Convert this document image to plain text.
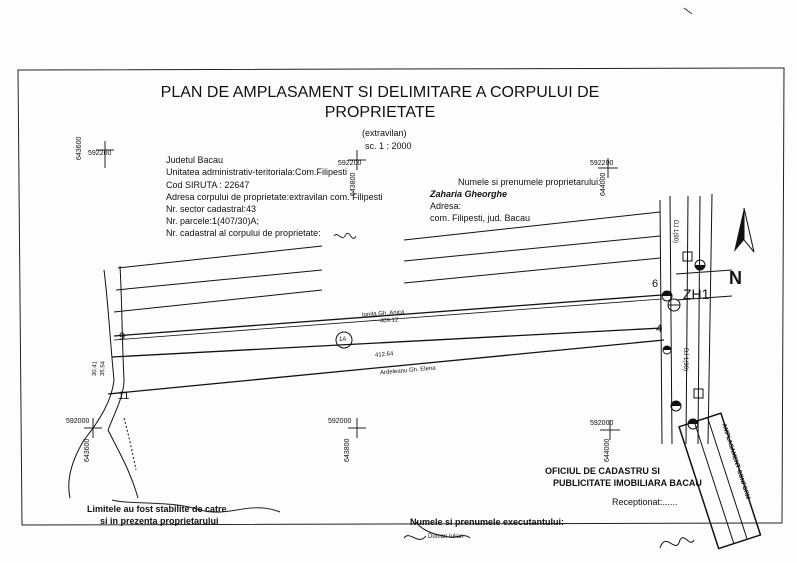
PLAN DE AMPLASAMENT SI DELIMITARE A CORPULUI DE
PROPRIETATE
(extravilan)
sc. 1 : 2000
Judetul Bacau
Unitatea administrativ-teritoriala:Com.Filipesti
Cod SIRUTA : 22647
Adresa corpului de proprietate:extravilan com. Filipesti
Nr. sector cadastral:43
Nr. parcele:1(407/30)A;
Nr. cadastral al corpului de proprietate:
Numele si prenumele proprietarului:
Zaharia Gheorghe
Adresa:
com. Filipesti, jud. Bacau
592200
643600
592200
643800
592200
644000
592000
643600
592000
643800
592000
644000
Ionita Gh. Anica
409.12
1A
412.64
Ardeleanu Gh. Elena
6
4
9
11
30.41 35.54
DJ 1(90)
DJ 1(90)
ZH1
N
Limitele au fost stabilite de catre
si in prezenta proprietarului	Numele si prenumele executantului:
Duman Iulian
OFICIUL DE CADASTRU SI
PUBLICITATE IMOBILIARA BACAU
Receptionat:......
AMPLASAMENT CONFORM
